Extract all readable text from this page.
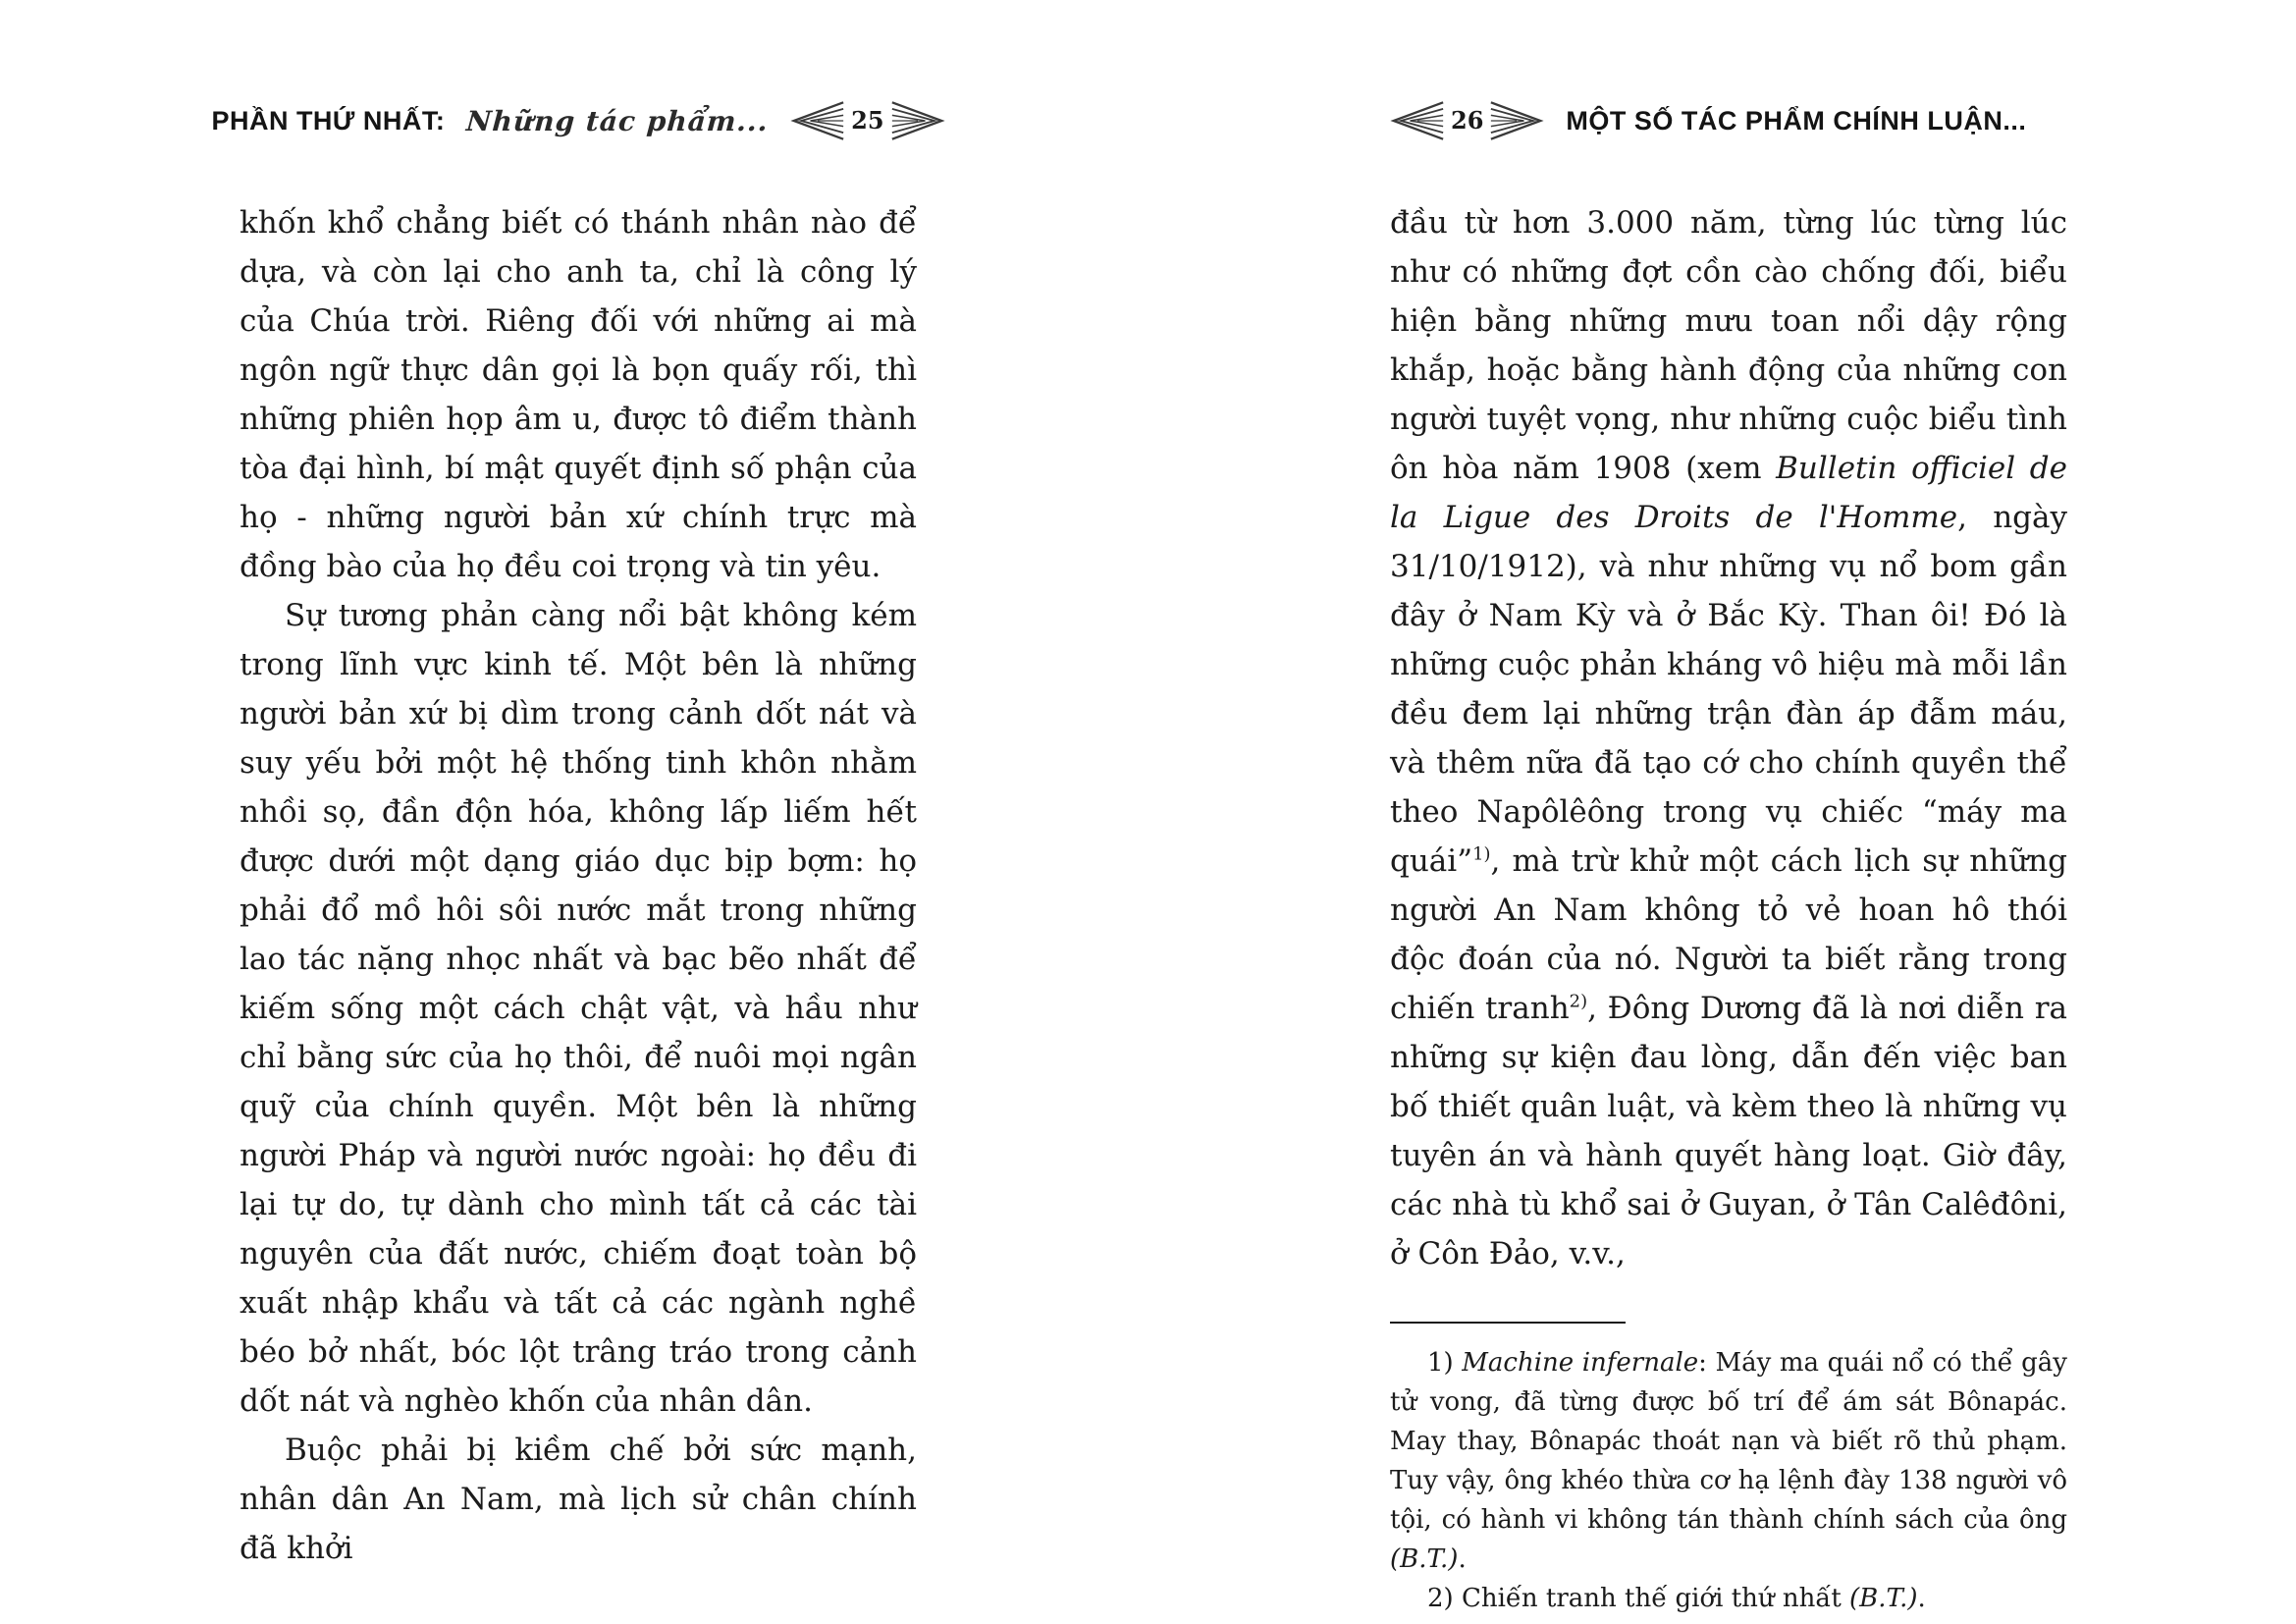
PHẦN THỨ NHẤT: Những tác phẩm...	25

khốn khổ chẳng biết có thánh nhân nào để dựa, và còn lại cho anh ta, chỉ là công lý của Chúa trời. Riêng đối với những ai mà ngôn ngữ thực dân gọi là bọn quấy rối, thì những phiên họp âm u, được tô điểm thành tòa đại hình, bí mật quyết định số phận của họ - những người bản xứ chính trực mà đồng bào của họ đều coi trọng và tin yêu.

Sự tương phản càng nổi bật không kém trong lĩnh vực kinh tế. Một bên là những người bản xứ bị dìm trong cảnh dốt nát và suy yếu bởi một hệ thống tinh khôn nhằm nhồi sọ, đần độn hóa, không lấp liếm hết được dưới một dạng giáo dục bịp bợm: họ phải đổ mồ hôi sôi nước mắt trong những lao tác nặng nhọc nhất và bạc bẽo nhất để kiếm sống một cách chật vật, và hầu như chỉ bằng sức của họ thôi, để nuôi mọi ngân quỹ của chính quyền. Một bên là những người Pháp và người nước ngoài: họ đều đi lại tự do, tự dành cho mình tất cả các tài nguyên của đất nước, chiếm đoạt toàn bộ xuất nhập khẩu và tất cả các ngành nghề béo bở nhất, bóc lột trâng tráo trong cảnh dốt nát và nghèo khốn của nhân dân.

Buộc phải bị kiềm chế bởi sức mạnh, nhân dân An Nam, mà lịch sử chân chính đã khởi

26	MỘT SỐ TÁC PHẨM CHÍNH LUẬN...

đầu từ hơn 3.000 năm, từng lúc từng lúc như có những đợt cồn cào chống đối, biểu hiện bằng những mưu toan nổi dậy rộng khắp, hoặc bằng hành động của những con người tuyệt vọng, như những cuộc biểu tình ôn hòa năm 1908 (xem Bulletin officiel de la Ligue des Droits de l'Homme, ngày 31/10/1912), và như những vụ nổ bom gần đây ở Nam Kỳ và ở Bắc Kỳ. Than ôi! Đó là những cuộc phản kháng vô hiệu mà mỗi lần đều đem lại những trận đàn áp đẫm máu, và thêm nữa đã tạo cớ cho chính quyền thể theo Napôlêông trong vụ chiếc “máy ma quái”$^{1)}$, mà trừ khử một cách lịch sự những người An Nam không tỏ vẻ hoan hô thói độc đoán của nó. Người ta biết rằng trong chiến tranh$^{2)}$, Đông Dương đã là nơi diễn ra những sự kiện đau lòng, dẫn đến việc ban bố thiết quân luật, và kèm theo là những vụ tuyên án và hành quyết hàng loạt. Giờ đây, các nhà tù khổ sai ở Guyan, ở Tân Calêđôni, ở Côn Đảo, v.v.,

1) Machine infernale: Máy ma quái nổ có thể gây tử vong, đã từng được bố trí để ám sát Bônapác. May thay, Bônapác thoát nạn và biết rõ thủ phạm. Tuy vậy, ông khéo thừa cơ hạ lệnh đày 138 người vô tội, có hành vi không tán thành chính sách của ông (B.T.).

2) Chiến tranh thế giới thứ nhất (B.T.).
